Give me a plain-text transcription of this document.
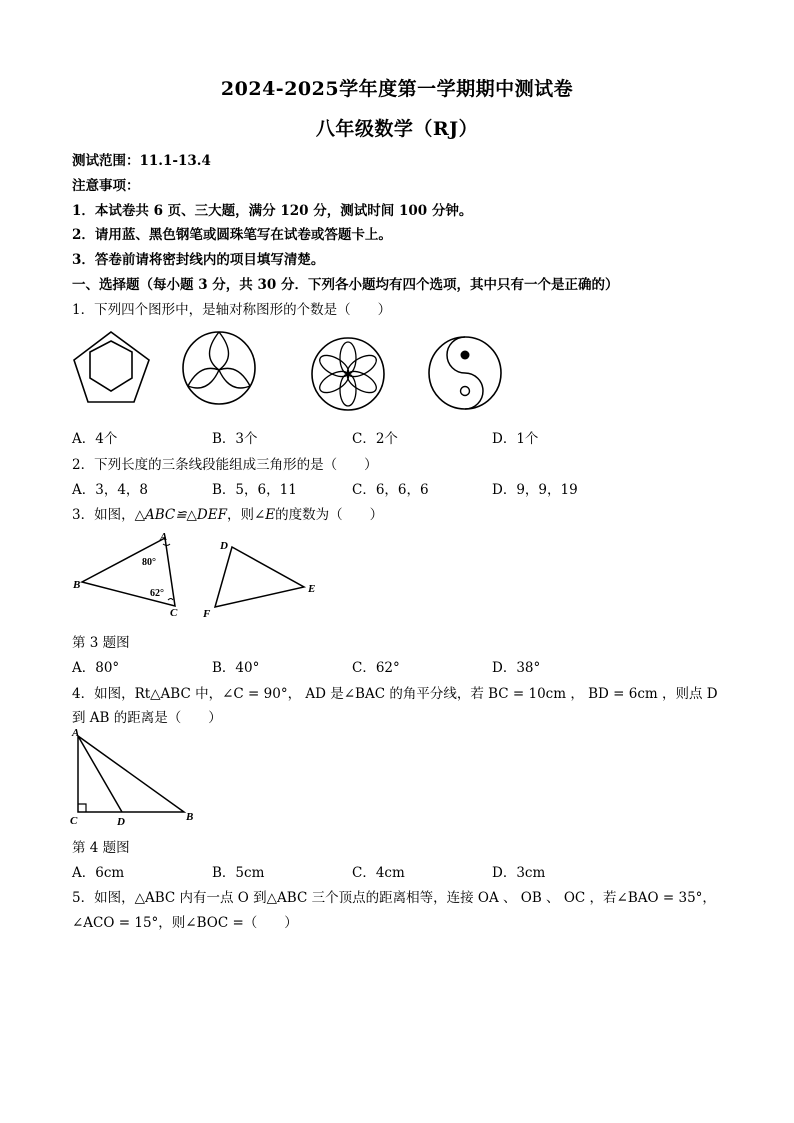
2024-2025学年度第一学期期中测试卷
八年级数学（RJ）
测试范围：11.1-13.4
注意事项：
1．本试卷共 6 页、三大题，满分 120 分，测试时间 100 分钟。
2．请用蓝、黑色钢笔或圆珠笔写在试卷或答题卡上。
3．答卷前请将密封线内的项目填写清楚。
一、选择题（每小题 3 分，共 30 分．下列各小题均有四个选项，其中只有一个是正确的）
1．下列四个图形中，是轴对称图形的个数是（　　）
A．4个	B．3个	C．2个	D．1个
2．下列长度的三条线段能组成三角形的是（　　）
A．3，4，8	B．5，6，11	C．6，6，6	D．9，9，19
3．如图，△ABC≌△DEF，则∠E的度数为（　　）
A
B
C
80°
62°
D
E
F
第 3 题图
A．80°	B．40°	C．62°	D．38°
4．如图，Rt△ABC 中，∠C = 90°， AD 是∠BAC 的角平分线，若 BC = 10cm ， BD = 6cm ，则点 D
到 AB 的距离是（　　）
A
C	D	B
第 4 题图
A．6cm	B．5cm	C．4cm	D．3cm
5．如图，△ABC 内有一点 O 到△ABC 三个顶点的距离相等，连接 OA 、 OB 、 OC ，若∠BAO = 35°，
∠ACO = 15°，则∠BOC =（　　）
